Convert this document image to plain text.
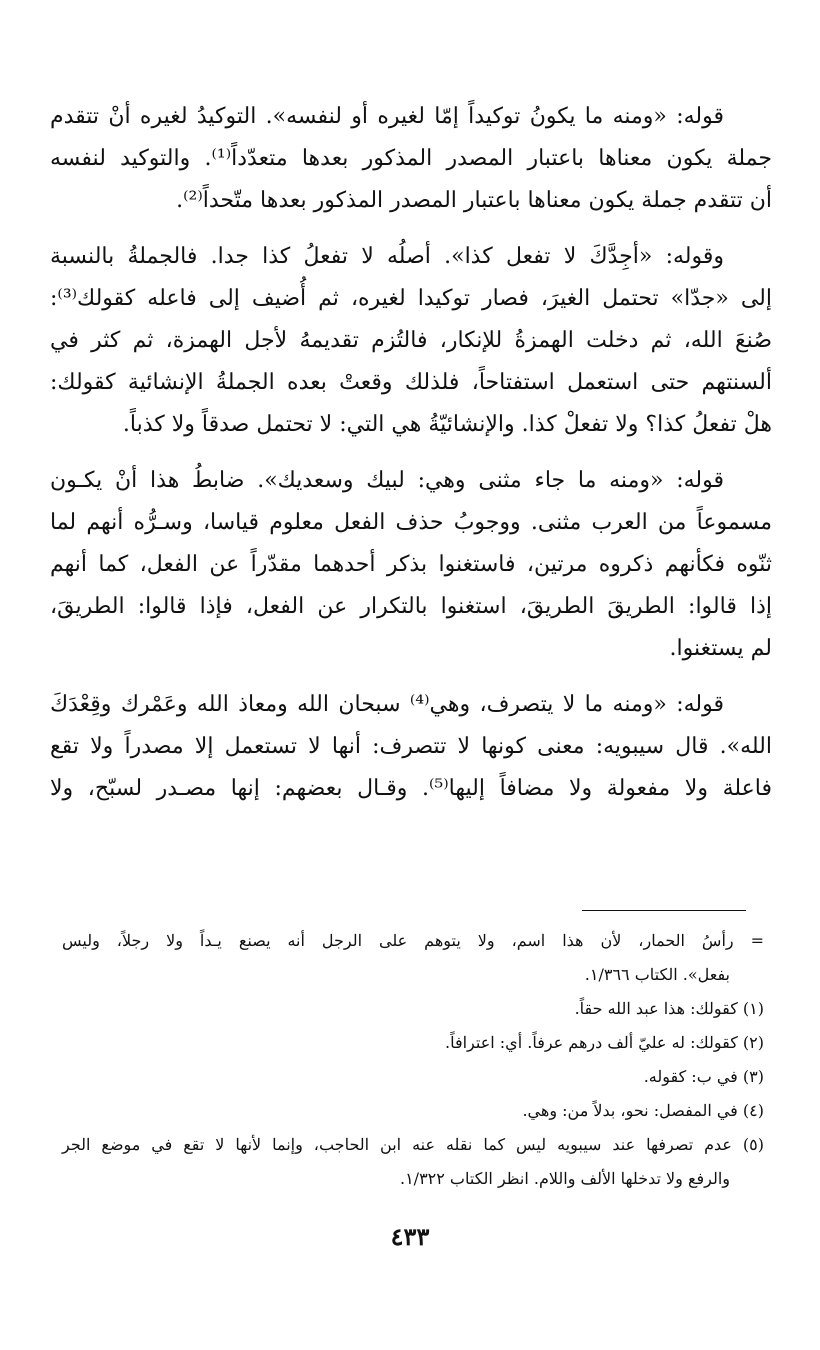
قوله: «ومنه ما يكونُ توكيداً إمّا لغيره أو لنفسه». التوكيدُ لغيره أنْ تتقدم
جملة يكون معناها باعتبار المصدر المذكور بعدها متعدّداً⁽¹⁾. والتوكيد لنفسه
أن تتقدم جملة يكون معناها باعتبار المصدر المذكور بعدها متّحداً⁽²⁾.
وقوله: «أجِدَّكَ لا تفعل كذا». أصلُه لا تفعلُ كذا جدا. فالجملةُ بالنسبة
إلى «جدّا» تحتمل الغيرَ، فصار توكيدا لغيره، ثم أُضيف إلى فاعله كقولك⁽³⁾:
صُنعَ الله، ثم دخلت الهمزةُ للإنكار، فالتُزم تقديمهُ لأجل الهمزة، ثم كثر في
ألسنتهم حتى استعمل استفتاحاً، فلذلك وقعتْ بعده الجملةُ الإنشائية كقولك:
هلْ تفعلُ كذا؟ ولا تفعلْ كذا. والإنشائيّةُ هي التي: لا تحتمل صدقاً ولا كذباً.
قوله: «ومنه ما جاء مثنى وهي: لبيك وسعديك». ضابطُ هذا أنْ يكـون
مسموعاً من العرب مثنى. ووجوبُ حذف الفعل معلوم قياسا، وسـرُّه أنهم لما
ثنّوه فكأنهم ذكروه مرتين، فاستغنوا بذكر أحدهما مقدّراً عن الفعل، كما أنهم
إذا قالوا: الطريقَ الطريقَ، استغنوا بالتكرار عن الفعل، فإذا قالوا: الطريقَ،
لم يستغنوا.
قوله: «ومنه ما لا يتصرف، وهي⁽⁴⁾ سبحان الله ومعاذ الله وعَمْرك وقِعْدَكَ
الله». قال سيبويه: معنى كونها لا تتصرف: أنها لا تستعمل إلا مصدراً ولا تقع
فاعلة ولا مفعولة ولا مضافاً إليها⁽⁵⁾. وقـال بعضهم: إنها مصـدر لسبّح، ولا
= رأسُ الحمار، لأن هذا اسم، ولا يتوهم على الرجل أنه يصنع يـداً ولا رجلاً، وليس
بفعل». الكتاب ١/٣٦٦.
(١) كقولك: هذا عبد الله حقاً.
(٢) كقولك: له عليّ ألف درهم عرفاً. أي: اعترافاً.
(٣) في ب: كقوله.
(٤) في المفصل: نحو، بدلاً من: وهي.
(٥) عدم تصرفها عند سيبويه ليس كما نقله عنه ابن الحاجب، وإنما لأنها لا تقع في موضع الجر
والرفع ولا تدخلها الألف واللام. انظر الكتاب ١/٣٢٢.
٤٣٣
